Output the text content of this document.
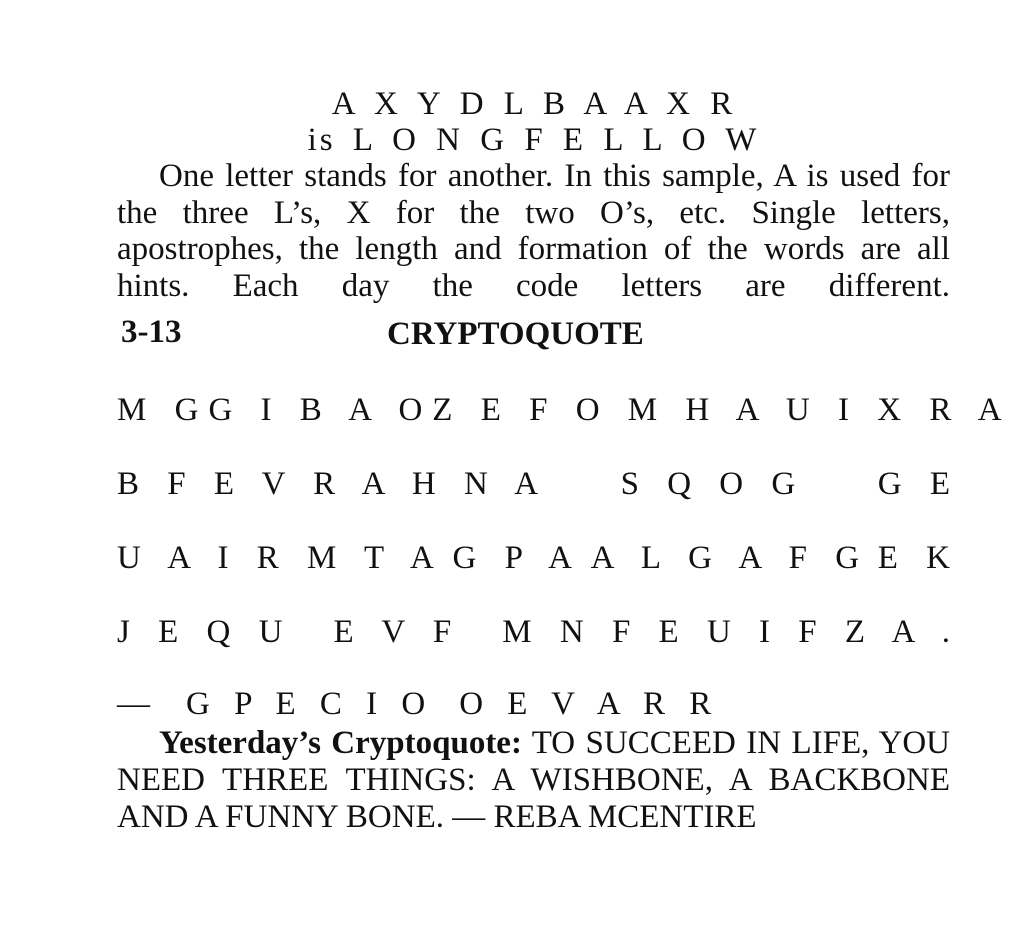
A X Y D L B A A X R
is L O N G F E L L O W

One letter stands for another. In this sample, A is used for the three L’s, X for the two O’s, etc. Single letters, apostrophes, the length and formation of the words are all hints. Each day the code letters are different.

3-13	CRYPTOQUOTE
M G G I B A O Z E F O M H A U I X R A
B F E V R A H N A S Q O G G E
U A I R M T A G P A A L G A F G E K
J E Q U E V F M N F E U I F Z A .
— G P E C I O O E V A R R
Yesterday’s Cryptoquote: TO SUCCEED IN LIFE, YOU NEED THREE THINGS: A WISHBONE, A BACKBONE AND A FUNNY BONE. — REBA MCENTIRE
